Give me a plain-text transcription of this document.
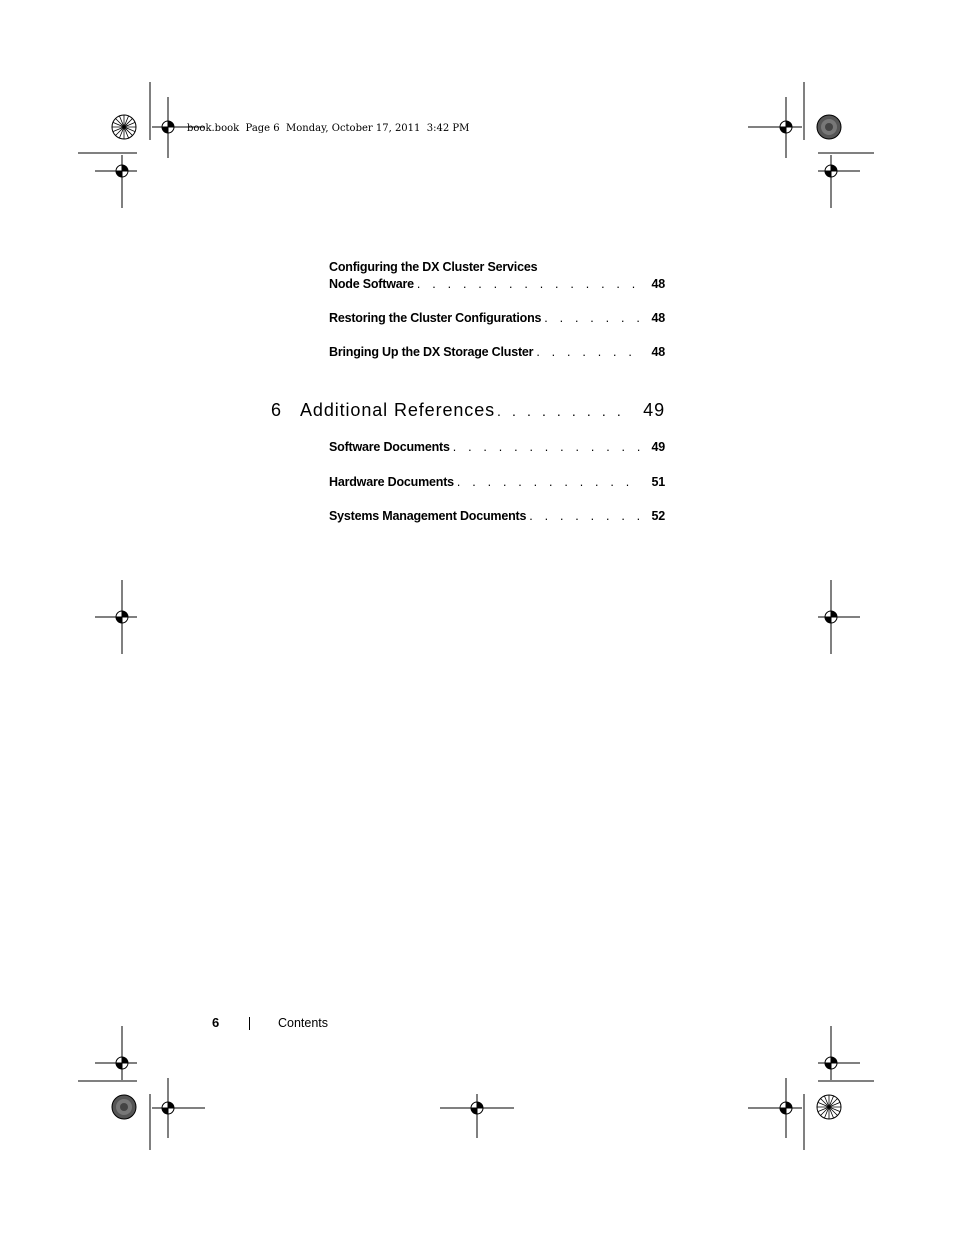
book.book  Page 6  Monday, October 17, 2011  3:42 PM
Configuring the DX Cluster Services
Node Software . . .	48
Restoring the Cluster Configurations . . .	48
Bringing Up the DX Storage Cluster . . .	48
6	Additional References . . .	49
Software Documents . . .	49
Hardware Documents . . .	51
Systems Management Documents . . .	52
6	Contents
